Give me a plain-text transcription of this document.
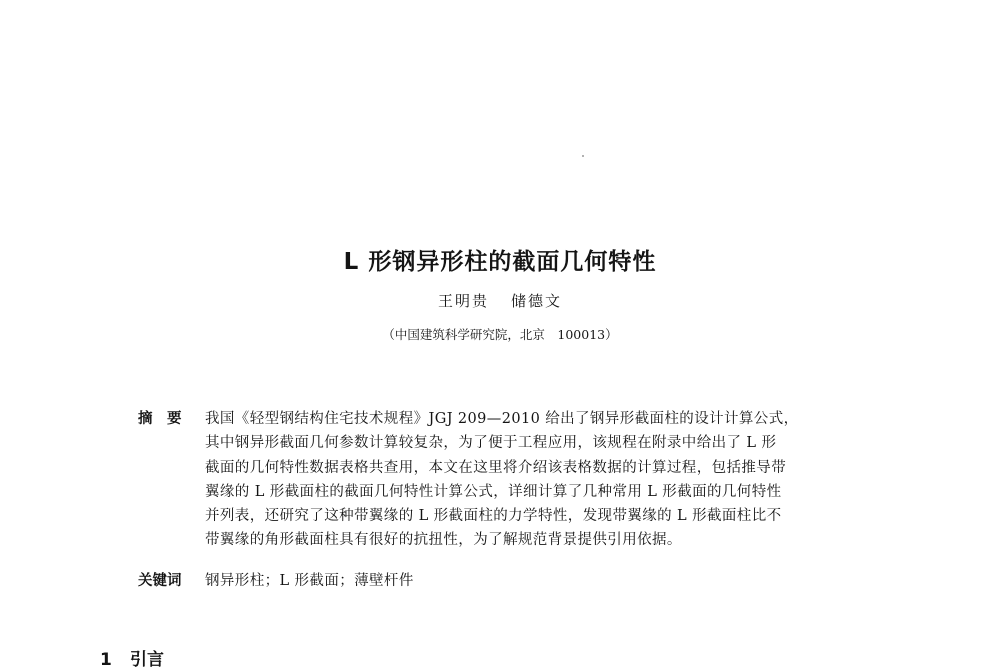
L 形钢异形柱的截面几何特性
王明贵 储德文
（中国建筑科学研究院，北京　100013）
摘　要 我国《轻型钢结构住宅技术规程》JGJ 209—2010 给出了钢异形截面柱的设计计算公式，
其中钢异形截面几何参数计算较复杂，为了便于工程应用，该规程在附录中给出了 L 形
截面的几何特性数据表格共查用，本文在这里将介绍该表格数据的计算过程，包括推导带
翼缘的 L 形截面柱的截面几何特性计算公式，详细计算了几种常用 L 形截面的几何特性
并列表，还研究了这种带翼缘的 L 形截面柱的力学特性，发现带翼缘的 L 形截面柱比不
带翼缘的角形截面柱具有很好的抗扭性，为了解规范背景提供引用依据。
关键词 钢异形柱；L 形截面；薄壁杆件
1 引言
